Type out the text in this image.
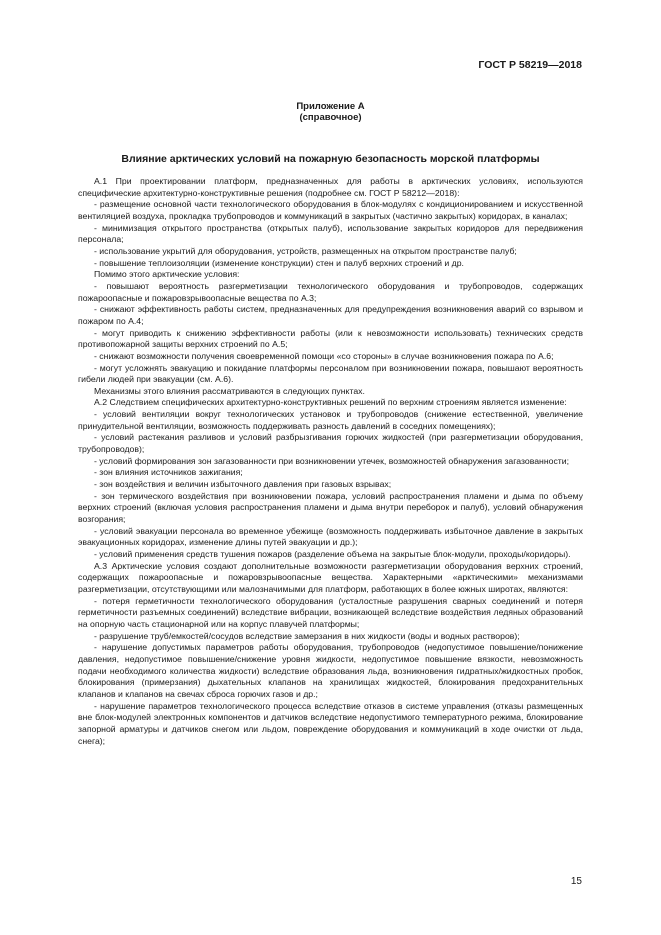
ГОСТ Р 58219—2018
Приложение А
(справочное)
Влияние арктических условий на пожарную безопасность морской платформы

А.1 При проектировании платформ, предназначенных для работы в арктических условиях, используются специфические архитектурно-конструктивные решения (подробнее см. ГОСТ Р 58212—2018):

- размещение основной части технологического оборудования в блок-модулях с кондиционированием и искусственной вентиляцией воздуха, прокладка трубопроводов и коммуникаций в закрытых (частично закрытых) коридорах, в каналах;

- минимизация открытого пространства (открытых палуб), использование закрытых коридоров для передвижения персонала;

- использование укрытий для оборудования, устройств, размещенных на открытом пространстве палуб;

- повышение теплоизоляции (изменение конструкции) стен и палуб верхних строений и др.

Помимо этого арктические условия:

- повышают вероятность разгерметизации технологического оборудования и трубопроводов, содержащих пожароопасные и пожаровзрывоопасные вещества по А.3;

- снижают эффективность работы систем, предназначенных для предупреждения возникновения аварий со взрывом и пожаром по А.4;

- могут приводить к снижению эффективности работы (или к невозможности использовать) технических средств противопожарной защиты верхних строений по А.5;

- снижают возможности получения своевременной помощи «со стороны» в случае возникновения пожара по А.6;

- могут усложнять эвакуацию и покидание платформы персоналом при возникновении пожара, повышают вероятность гибели людей при эвакуации (см. А.6).

Механизмы этого влияния рассматриваются в следующих пунктах.

А.2 Следствием специфических архитектурно-конструктивных решений по верхним строениям является изменение:

- условий вентиляции вокруг технологических установок и трубопроводов (снижение естественной, увеличение принудительной вентиляции, возможность поддерживать разность давлений в соседних помещениях);

- условий растекания разливов и условий разбрызгивания горючих жидкостей (при разгерметизации оборудования, трубопроводов);

- условий формирования зон загазованности при возникновении утечек, возможностей обнаружения загазованности;

- зон влияния источников зажигания;

- зон воздействия и величин избыточного давления при газовых взрывах;

- зон термического воздействия при возникновении пожара, условий распространения пламени и дыма по объему верхних строений (включая условия распространения пламени и дыма внутри переборок и палуб), условий обнаружения возгорания;

- условий эвакуации персонала во временное убежище (возможность поддерживать избыточное давление в закрытых эвакуационных коридорах, изменение длины путей эвакуации и др.);

- условий применения средств тушения пожаров (разделение объема на закрытые блок-модули, проходы/коридоры).

А.3 Арктические условия создают дополнительные возможности разгерметизации оборудования верхних строений, содержащих пожароопасные и пожаровзрывоопасные вещества. Характерными «арктическими» механизмами разгерметизации, отсутствующими или малозначимыми для платформ, работающих в более южных широтах, являются:

- потеря герметичности технологического оборудования (усталостные разрушения сварных соединений и потеря герметичности разъемных соединений) вследствие вибрации, возникающей вследствие воздействия ледяных образований на опорную часть стационарной или на корпус плавучей платформы;

- разрушение труб/емкостей/сосудов вследствие замерзания в них жидкости (воды и водных растворов);

- нарушение допустимых параметров работы оборудования, трубопроводов (недопустимое повышение/понижение давления, недопустимое повышение/снижение уровня жидкости, недопустимое повышение вязкости, невозможность подачи необходимого количества жидкости) вследствие образования льда, возникновения гидратных/жидкостных пробок, блокирования (примерзания) дыхательных клапанов на хранилищах жидкостей, блокирования предохранительных клапанов и клапанов на свечах сброса горючих газов и др.;

- нарушение параметров технологического процесса вследствие отказов в системе управления (отказы размещенных вне блок-модулей электронных компонентов и датчиков вследствие недопустимого температурного режима, блокирование запорной арматуры и датчиков снегом или льдом, повреждение оборудования и коммуникаций в ходе очистки от льда, снега);

15
